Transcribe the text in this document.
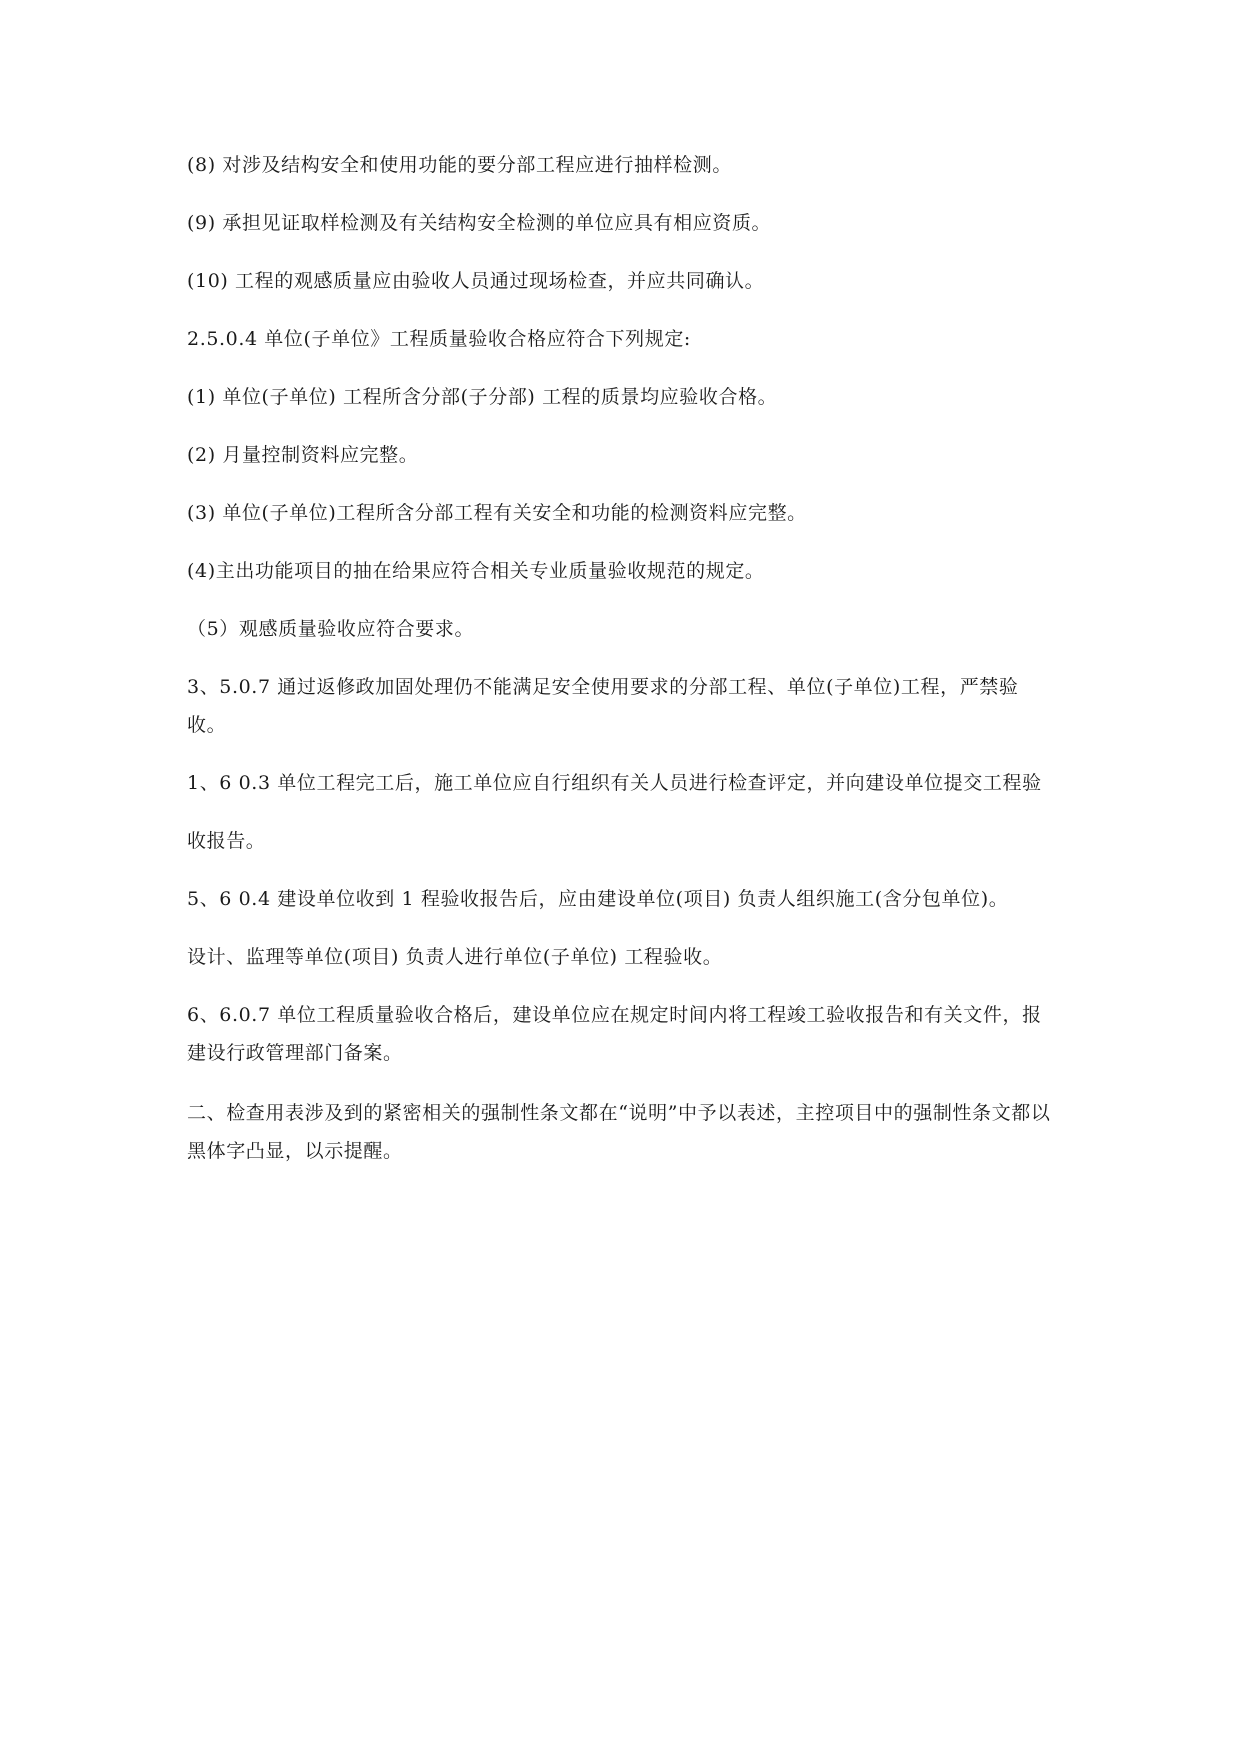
(8) 对涉及结构安全和使用功能的要分部工程应进行抽样检测。

(9) 承担见证取样检测及有关结构安全检测的单位应具有相应资质。

(10) 工程的观感质量应由验收人员通过现场检查，并应共同确认。

2.5.0.4 单位(子单位》工程质量验收合格应符合下列规定:

(1) 单位(子单位) 工程所含分部(子分部) 工程的质景均应验收合格。

(2) 月量控制资料应完整。

(3) 单位(子单位)工程所含分部工程有关安全和功能的检测资料应完整。

(4)主出功能项目的抽在给果应符合相关专业质量验收规范的规定。

（5）观感质量验收应符合要求。

3、5.0.7 通过返修政加固处理仍不能满足安全使用要求的分部工程、单位(子单位)工程，严禁验收。

1、6 0.3 单位工程完工后，施工单位应自行组织有关人员进行检查评定，并向建设单位提交工程验

收报告。

5、6 0.4 建设单位收到 1 程验收报告后，应由建设单位(项目) 负责人组织施工(含分包单位)。

设计、监理等单位(项目) 负责人进行单位(子单位) 工程验收。

6、6.0.7 单位工程质量验收合格后，建设单位应在规定时间内将工程竣工验收报告和有关文件，报建设行政管理部门备案。

二、检查用表涉及到的紧密相关的强制性条文都在“说明”中予以表述，主控项目中的强制性条文都以黑体字凸显，以示提醒。
